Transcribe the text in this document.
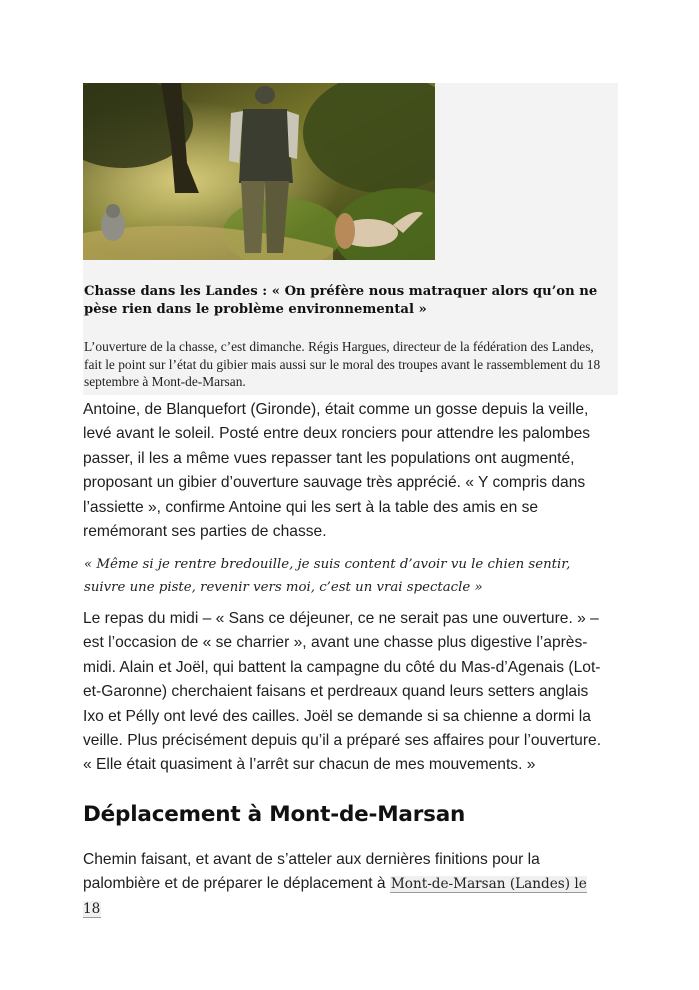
Chasse dans les Landes : « On préfère nous matraquer alors qu’on ne pèse rien dans le problème environnemental »
L’ouverture de la chasse, c’est dimanche. Régis Hargues, directeur de la fédération des Landes, fait le point sur l’état du gibier mais aussi sur le moral des troupes avant le rassemblement du 18 septembre à Mont-de-Marsan.

Antoine, de Blanquefort (Gironde), était comme un gosse depuis la veille, levé avant le soleil. Posté entre deux ronciers pour attendre les palombes passer, il les a même vues repasser tant les populations ont augmenté, proposant un gibier d’ouverture sauvage très apprécié. « Y compris dans l’assiette », confirme Antoine qui les sert à la table des amis en se remémorant ses parties de chasse.

« Même si je rentre bredouille, je suis content d’avoir vu le chien sentir, suivre une piste, revenir vers moi, c’est un vrai spectacle »

Le repas du midi – « Sans ce déjeuner, ce ne serait pas une ouverture. » – est l’occasion de « se charrier », avant une chasse plus digestive l’après-midi. Alain et Joël, qui battent la campagne du côté du Mas-d’Agenais (Lot-et-Garonne) cherchaient faisans et perdreaux quand leurs setters anglais Ixo et Pélly ont levé des cailles. Joël se demande si sa chienne a dormi la veille. Plus précisément depuis qu’il a préparé ses affaires pour l’ouverture. « Elle était quasiment à l’arrêt sur chacun de mes mouvements. »

Déplacement à Mont-de-Marsan

Chemin faisant, et avant de s’atteler aux dernières finitions pour la palombière et de préparer le déplacement à Mont-de-Marsan (Landes) le 18
